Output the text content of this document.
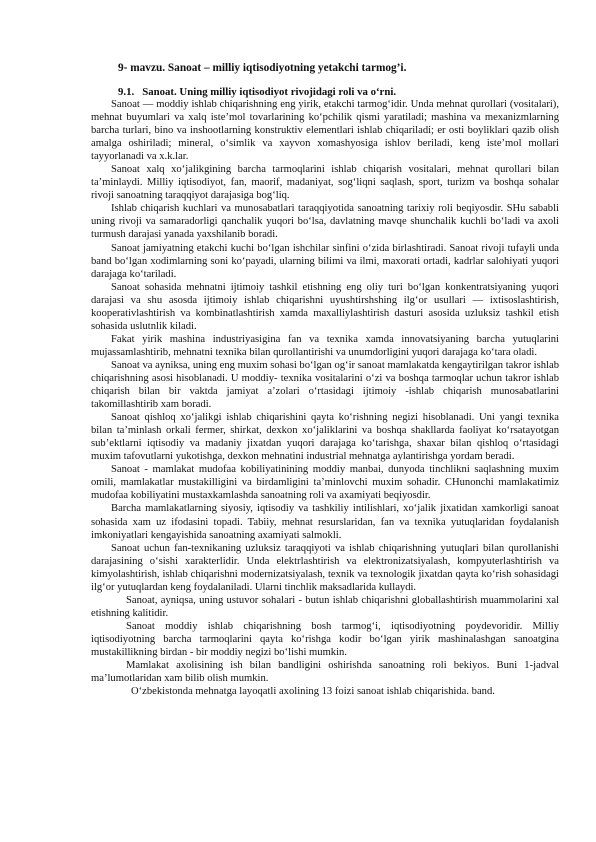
9- mavzu. Sanoat – milliy iqtisodiyotning yetakchi tarmog’i.
9.1. Sanoat. Uning milliy iqtisodiyot rivojidagi roli va oʻrni.

Sanoat — moddiy ishlab chiqarishning eng yirik, etakchi tarmogʻidir. Unda mehnat qurollari (vositalari), mehnat buyumlari va xalq iste’mol tovarlarining koʻpchilik qismi yaratiladi; mashina va mexanizmlarning barcha turlari, bino va inshootlarning konstruktiv elementlari ishlab chiqariladi; er osti boyliklari qazib olish amalga oshiriladi; mineral, oʻsimlik va xayvon xomashyosiga ishlov beriladi, keng iste’mol mollari tayyorlanadi va x.k.lar.

Sanoat xalq xoʻjalikgining barcha tarmoqlarini ishlab chiqarish vositalari, mehnat qurollari bilan ta’minlaydi. Milliy iqtisodiyot, fan, maorif, madaniyat, sogʻliqni saqlash, sport, turizm va boshqa sohalar rivoji sanoatning taraqqiyot darajasiga bogʻliq.

Ishlab chiqarish kuchlari va munosabatlari taraqqiyotida sanoatning tarixiy roli beqiyosdir. SHu sababli uning rivoji va samaradorligi qanchalik yuqori boʻlsa, davlatning mavqe shunchalik kuchli boʻladi va axoli turmush darajasi yanada yaxshilanib boradi.

Sanoat jamiyatning etakchi kuchi boʻlgan ishchilar sinfini oʻzida birlashtiradi. Sanoat rivoji tufayli unda band boʻlgan xodimlarning soni koʻpayadi, ularning bilimi va ilmi, maxorati ortadi, kadrlar salohiyati yuqori darajaga koʻtariladi.

Sanoat sohasida mehnatni ijtimoiy tashkil etishning eng oliy turi boʻlgan konkentratsiyaning yuqori darajasi va shu asosda ijtimoiy ishlab chiqarishni uyushtirshshing ilgʻor usullari — ixtisoslashtirish, kooperativlashtirish va kombinatlashtirish xamda maxalliylashtirish dasturi asosida uzluksiz tashkil etish sohasida uslutnlik kiladi.

Fakat yirik mashina industriyasigina fan va texnika xamda innovatsiyaning barcha yutuqlarini mujassamlashtirib, mehnatni texnika bilan qurollantirishi va unumdorligini yuqori darajaga koʻtara oladi.

Sanoat va ayniksa, uning eng muxim sohasi boʻlgan ogʻir sanoat mamlakatda kengaytirilgan takror ishlab chiqarishning asosi hisoblanadi. U moddiy- texnika vositalarini oʻzi va boshqa tarmoqlar uchun takror ishlab chiqarish bilan bir vaktda jamiyat a’zolari oʻrtasidagi ijtimoiy -ishlab chiqarish munosabatlarini takomillashtirib xam boradi.

Sanoat qishloq xoʻjalikgi ishlab chiqarishini qayta koʻrishning negizi hisoblanadi. Uni yangi texnika bilan ta’minlash orkali fermer, shirkat, dexkon xoʻjaliklarini va boshqa shakllarda faoliyat koʻrsatayotgan sub’ektlarni iqtisodiy va madaniy jixatdan yuqori darajaga koʻtarishga, shaxar bilan qishloq oʻrtasidagi muxim tafovutlarni yukotishga, dexkon mehnatini industrial mehnatga aylantirishga yordam beradi.

Sanoat - mamlakat mudofaa kobiliyatinining moddiy manbai, dunyoda tinchlikni saqlashning muxim omili, mamlakatlar mustakilligini va birdamligini ta’minlovchi muxim sohadir. CHunonchi mamlakatimiz mudofaa kobiliyatini mustaxkamlashda sanoatning roli va axamiyati beqiyosdir.

Barcha mamlakatlarning siyosiy, iqtisodiy va tashkiliy intilishlari, xoʻjalik jixatidan xamkorligi sanoat sohasida xam uz ifodasini topadi. Tabiiy, mehnat resurslaridan, fan va texnika yutuqlaridan foydalanish imkoniyatlari kengayishida sanoatning axamiyati salmokli.

Sanoat uchun fan-texnikaning uzluksiz taraqqiyoti va ishlab chiqarishning yutuqlari bilan qurollanishi darajasining oʻsishi xarakterlidir. Unda elektrlashtirish va elektronizatsiyalash, kompyuterlashtirish va kimyolashtirish, ishlab chiqarishni modernizatsiyalash, texnik va texnologik jixatdan qayta koʻrish sohasidagi ilgʻor yutuqlardan keng foydalaniladi. Ularni tinchlik maksadlarida kullaydi.

Sanoat, ayniqsa, uning ustuvor sohalari - butun ishlab chiqarishni globallashtirish muammolarini xal etishning kalitidir.

Sanoat moddiy ishlab chiqarishning bosh tarmogʻi, iqtisodiyotning poydevoridir. Milliy iqtisodiyotning barcha tarmoqlarini qayta koʻrishga kodir boʻlgan yirik mashinalashgan sanoatgina mustakillikning birdan - bir moddiy negizi boʻlishi mumkin.

Mamlakat axolisining ish bilan bandligini oshirishda sanoatning roli bekiyos. Buni 1-jadval ma’lumotlaridan xam bilib olish mumkin.

Oʻzbekistonda mehnatga layoqatli axolining 13 foizi sanoat ishlab chiqarishida. band.
